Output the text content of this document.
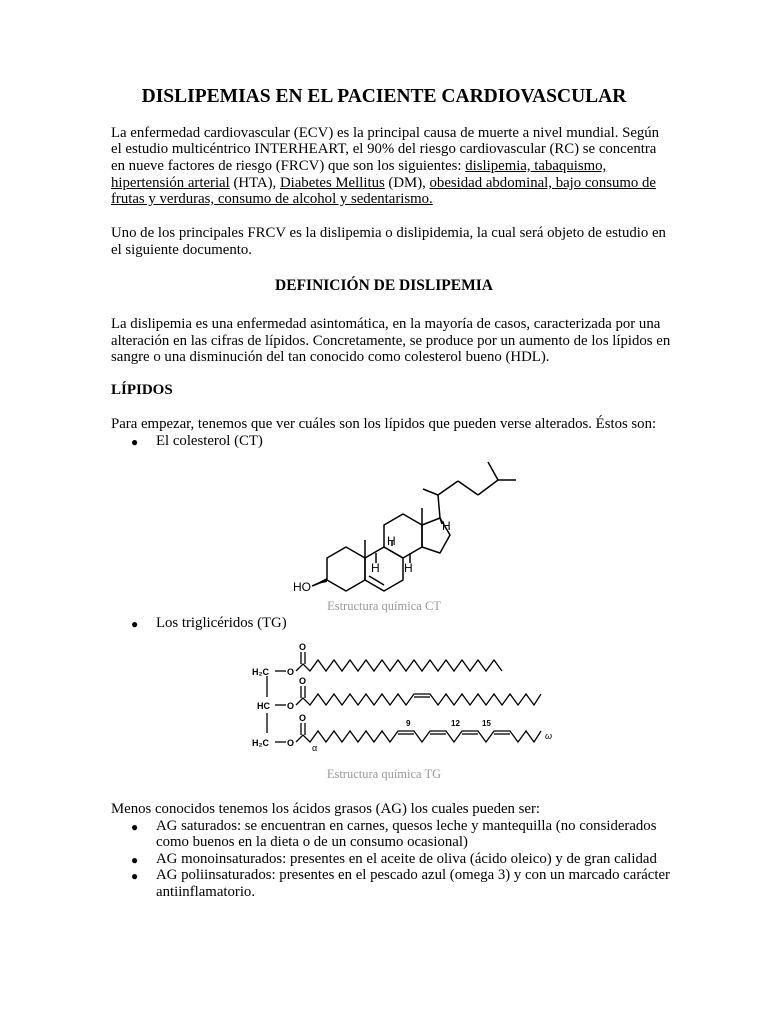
DISLIPEMIAS EN EL PACIENTE CARDIOVASCULAR

La enfermedad cardiovascular (ECV) es la principal causa de muerte a nivel mundial. Según

el estudio multicéntrico INTERHEART, el 90% del riesgo cardiovascular (RC) se concentra

en nueve factores de riesgo (FRCV) que son los siguientes: dislipemia, tabaquismo,

hipertensión arterial (HTA), Diabetes Mellitus (DM), obesidad abdominal, bajo consumo de

frutas y verduras, consumo de alcohol y sedentarismo.

Uno de los principales FRCV es la dislipemia o dislipidemia, la cual será objeto de estudio en

el siguiente documento.

DEFINICIÓN DE DISLIPEMIA

La dislipemia es una enfermedad asintomática, en la mayoría de casos, caracterizada por una

alteración en las cifras de lípidos. Concretamente, se produce por un aumento de los lípidos en

sangre o una disminución del tan conocido como colesterol bueno (HDL).

LÍPIDOS

Para empezar, tenemos que ver cuáles son los lípidos que pueden verse alterados. Éstos son:

● El colesterol (CT)

HO
H
H H
H
Estructura química CT
● Los triglicéridos (TG)

O
H₂C O
O
HC O
O
H₂C O
9	12	15
α
ω
Estructura química TG

Menos conocidos tenemos los ácidos grasos (AG) los cuales pueden ser:

● AG saturados: se encuentran en carnes, quesos leche y mantequilla (no considerados

como buenos en la dieta o de un consumo ocasional)

● AG monoinsaturados: presentes en el aceite de oliva (ácido oleico) y de gran calidad

● AG poliinsaturados: presentes en el pescado azul (omega 3) y con un marcado carácter

antiinflamatorio.
